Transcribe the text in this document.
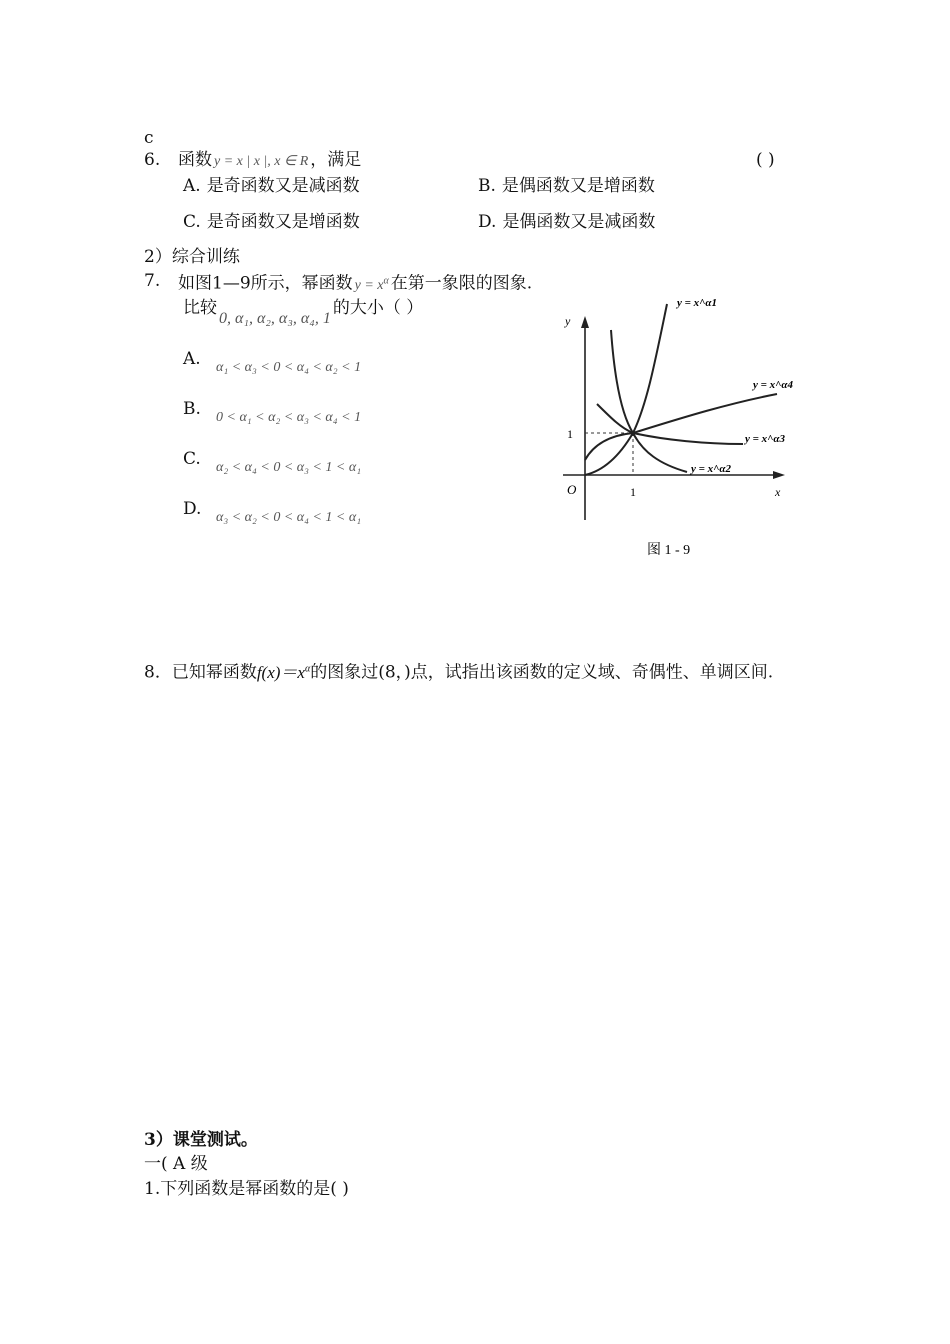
c
6. 函数 y = x | x |, x ∈ R ，满足	( )
A. 是奇函数又是减函数	B. 是偶函数又是增函数
C. 是奇函数又是增函数	D. 是偶函数又是减函数
2）综合训练
7. 如图1—9所示，幂函数 $y = x^\alpha$ 在第一象限的图象.
比较0, α₁, α₂, α₃, α₄, 1的大小（ ）
A. α₁ < α₃ < 0 < α₄ < α₂ < 1
B. 0 < α₁ < α₂ < α₃ < α₄ < 1
C. α₂ < α₄ < 0 < α₃ < 1 < α₁
D. α₃ < α₂ < 0 < α₄ < 1 < α₁
y
x
O
1
1
y = x^α1
y = x^α4
y = x^α3
y = x^α2
图 1 - 9
8．已知幂函数$f(x)=x^\alpha$的图象过(8，)点，试指出该函数的定义域、奇偶性、单调区间.
3）课堂测试。
一( A 级
1.下列函数是幂函数的是( )
